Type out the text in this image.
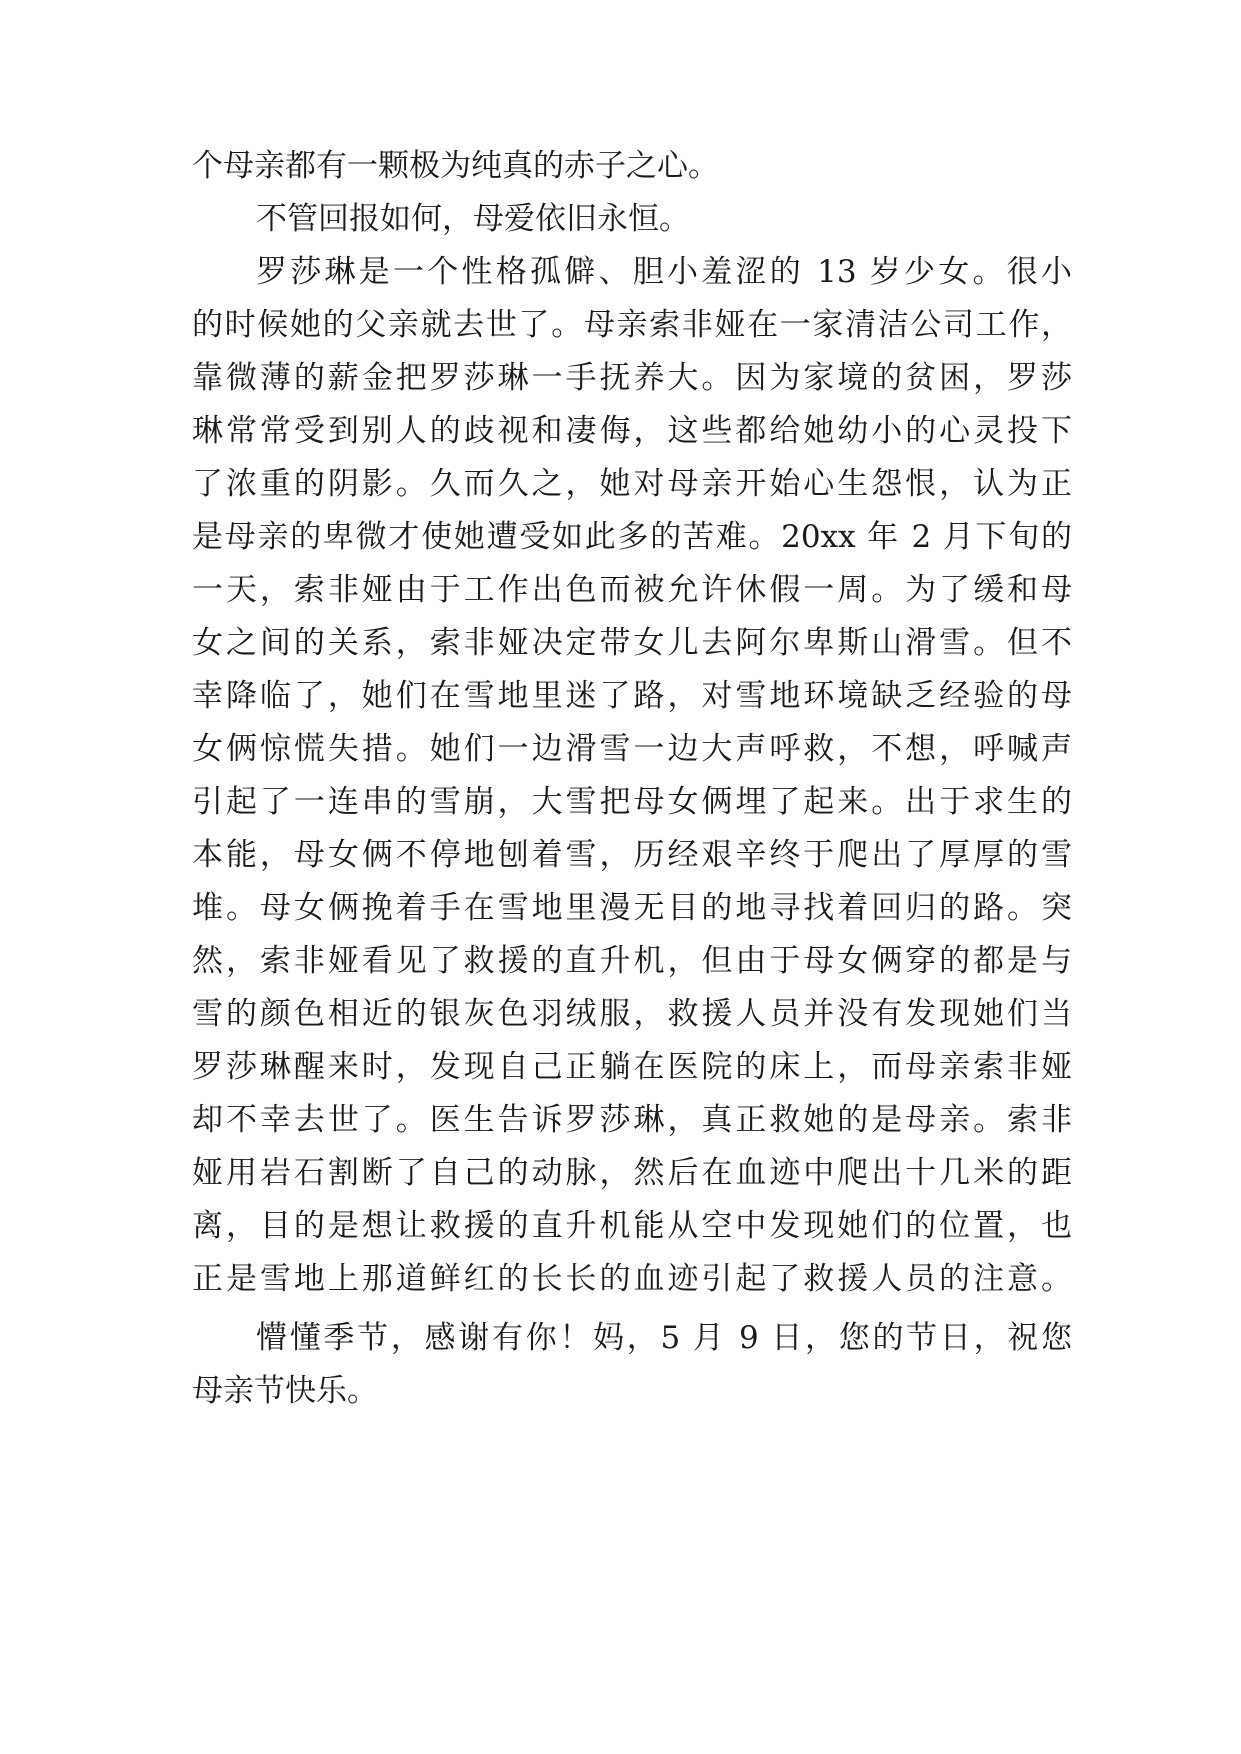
个母亲都有一颗极为纯真的赤子之心。
不管回报如何，母爱依旧永恒。
罗莎琳是一个性格孤僻、胆小羞涩的 13 岁少女。很小
的时候她的父亲就去世了。母亲索非娅在一家清洁公司工作，
靠微薄的薪金把罗莎琳一手抚养大。因为家境的贫困，罗莎
琳常常受到别人的歧视和凄侮，这些都给她幼小的心灵投下
了浓重的阴影。久而久之，她对母亲开始心生怨恨，认为正
是母亲的卑微才使她遭受如此多的苦难。20xx 年 2 月下旬的
一天，索非娅由于工作出色而被允许休假一周。为了缓和母
女之间的关系，索非娅决定带女儿去阿尔卑斯山滑雪。但不
幸降临了，她们在雪地里迷了路，对雪地环境缺乏经验的母
女俩惊慌失措。她们一边滑雪一边大声呼救，不想，呼喊声
引起了一连串的雪崩，大雪把母女俩埋了起来。出于求生的
本能，母女俩不停地刨着雪，历经艰辛终于爬出了厚厚的雪
堆。母女俩挽着手在雪地里漫无目的地寻找着回归的路。突
然，索非娅看见了救援的直升机，但由于母女俩穿的都是与
雪的颜色相近的银灰色羽绒服，救援人员并没有发现她们当
罗莎琳醒来时，发现自己正躺在医院的床上，而母亲索非娅
却不幸去世了。医生告诉罗莎琳，真正救她的是母亲。索非
娅用岩石割断了自己的动脉，然后在血迹中爬出十几米的距
离，目的是想让救援的直升机能从空中发现她们的位置，也
正是雪地上那道鲜红的长长的血迹引起了救援人员的注意。
懵懂季节，感谢有你！妈，5 月 9 日，您的节日，祝您
母亲节快乐。
